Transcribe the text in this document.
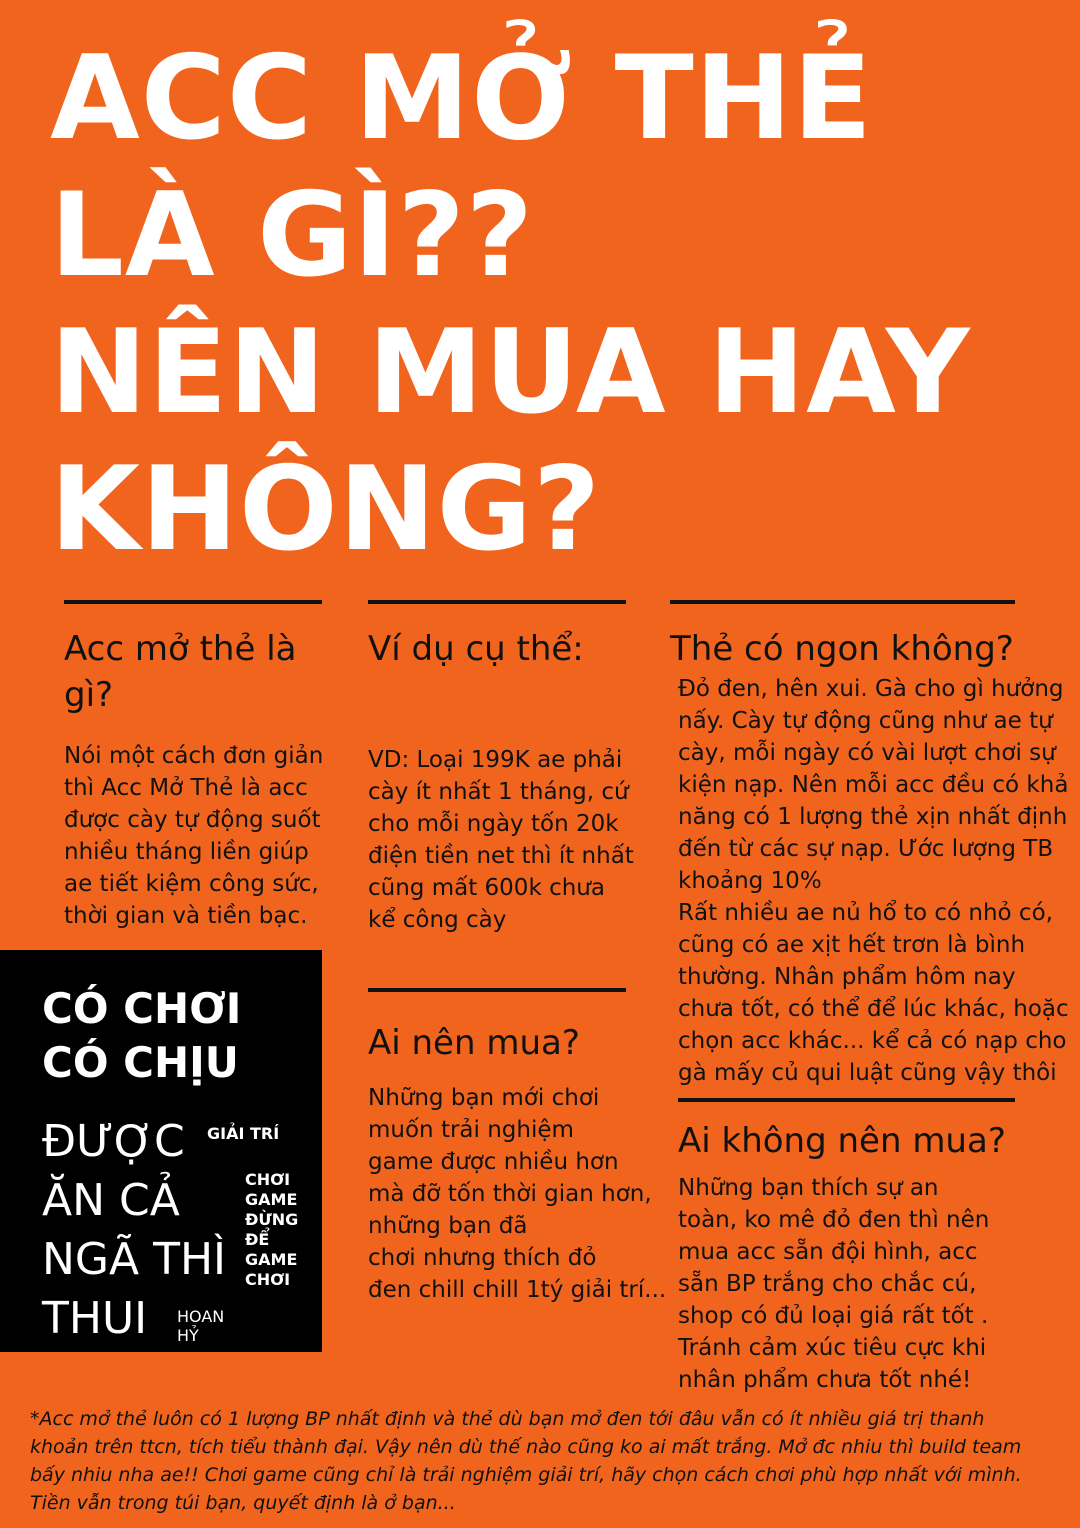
ACC MỞ THẺ
LÀ GÌ??
NÊN MUA HAY
KHÔNG?
Acc mở thẻ là
gì?
Nói một cách đơn giản
thì Acc Mở Thẻ là acc
được cày tự động suốt
nhiều tháng liền giúp
ae tiết kiệm công sức,
thời gian và tiền bạc.
Ví dụ cụ thể:
VD: Loại 199K ae phải
cày ít nhất 1 tháng, cứ
cho mỗi ngày tốn 20k
điện tiền net thì ít nhất
cũng mất 600k chưa
kể công cày
Thẻ có ngon không?
Đỏ đen, hên xui. Gà cho gì hưởng
nấy. Cày tự động cũng như ae tự
cày, mỗi ngày có vài lượt chơi sự
kiện nạp. Nên mỗi acc đều có khả
năng có 1 lượng thẻ xịn nhất định
đến từ các sự nạp. Ước lượng TB
khoảng 10%
Rất nhiều ae nủ hổ to có nhỏ có,
cũng có ae xịt hết trơn là bình
thường. Nhân phẩm hôm nay
chưa tốt, có thể để lúc khác, hoặc
chọn acc khác... kể cả có nạp cho
gà mấy củ qui luật cũng vậy thôi
Ai nên mua?
Những bạn mới chơi
muốn trải nghiệm
game được nhiều hơn
mà đỡ tốn thời gian hơn,
những bạn đã
chơi nhưng thích đỏ
đen chill chill 1tý giải trí...
Ai không nên mua?
Những bạn thích sự an
toàn, ko mê đỏ đen thì nên
mua acc sẵn đội hình, acc
sẵn BP trắng cho chắc cú,
shop có đủ loại giá rất tốt .
Tránh cảm xúc tiêu cực khi
nhân phẩm chưa tốt nhé!
CÓ CHƠI
CÓ CHỊU
ĐƯỢC
ĂN CẢ
NGÃ THÌ
THUI
GIẢI TRÍ
CHƠI
GAME
ĐỪNG
ĐỂ
GAME
CHƠI
HOAN
HỶ
*Acc mở thẻ luôn có 1 lượng BP nhất định và thẻ dù bạn mở đen tới đâu vẫn có ít nhiều giá trị thanh
khoản trên ttcn, tích tiểu thành đại. Vậy nên dù thế nào cũng ko ai mất trắng. Mở đc nhiu thì build team
bấy nhiu nha ae!! Chơi game cũng chỉ là trải nghiệm giải trí, hãy chọn cách chơi phù hợp nhất với mình.
Tiền vẫn trong túi bạn, quyết định là ở bạn...
